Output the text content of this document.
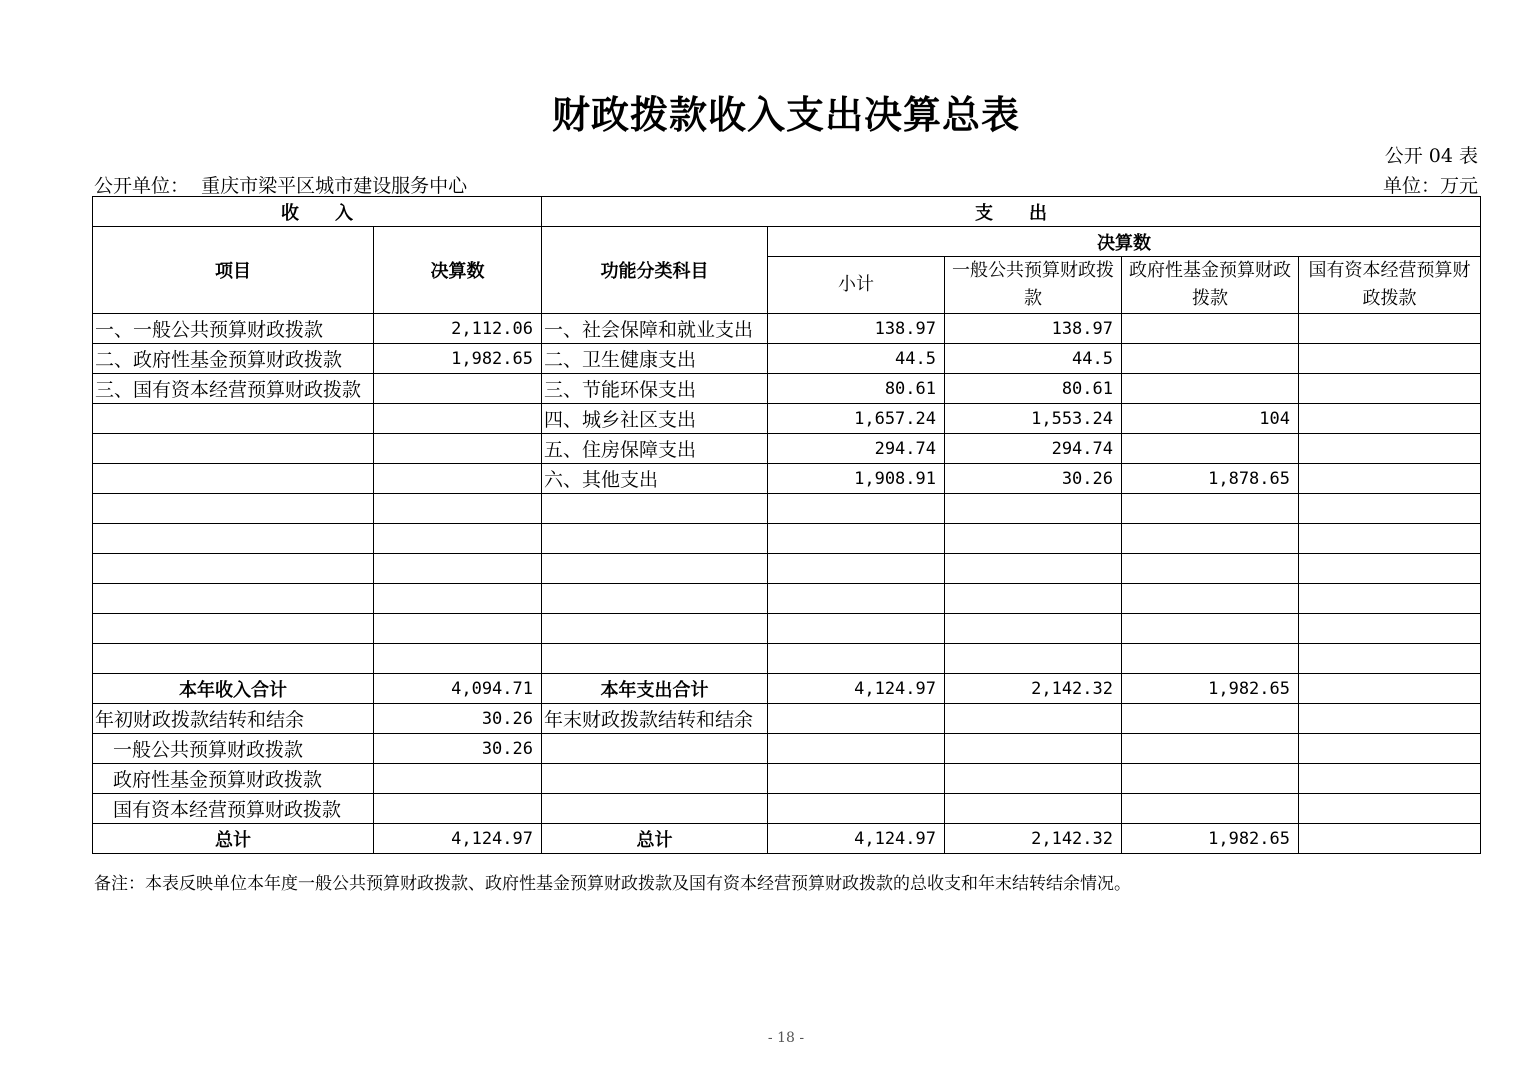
财政拨款收入支出决算总表
公开 04 表
公开单位： 重庆市梁平区城市建设服务中心	单位：万元
收　　入		支　　出				
项目	决算数	功能分类科目	决算数			
			小计	一般公共预算财政拨款	政府性基金预算财政拨款	国有资本经营预算财政拨款
一、一般公共预算财政拨款	2,112.06	一、社会保障和就业支出	138.97	138.97		
二、政府性基金预算财政拨款	1,982.65	二、卫生健康支出	44.5	44.5		
三、国有资本经营预算财政拨款		三、节能环保支出	80.61	80.61		
		四、城乡社区支出	1,657.24	1,553.24	104	
		五、住房保障支出	294.74	294.74		
		六、其他支出	1,908.91	30.26	1,878.65	

本年收入合计	4,094.71	本年支出合计	4,124.97	2,142.32	1,982.65	
年初财政拨款结转和结余	30.26	年末财政拨款结转和结余				
一般公共预算财政拨款	30.26					
政府性基金预算财政拨款						
国有资本经营预算财政拨款						
总计	4,124.97	总计	4,124.97	2,142.32	1,982.65	
备注：本表反映单位本年度一般公共预算财政拨款、政府性基金预算财政拨款及国有资本经营预算财政拨款的总收支和年末结转结余情况。
- 18 -
